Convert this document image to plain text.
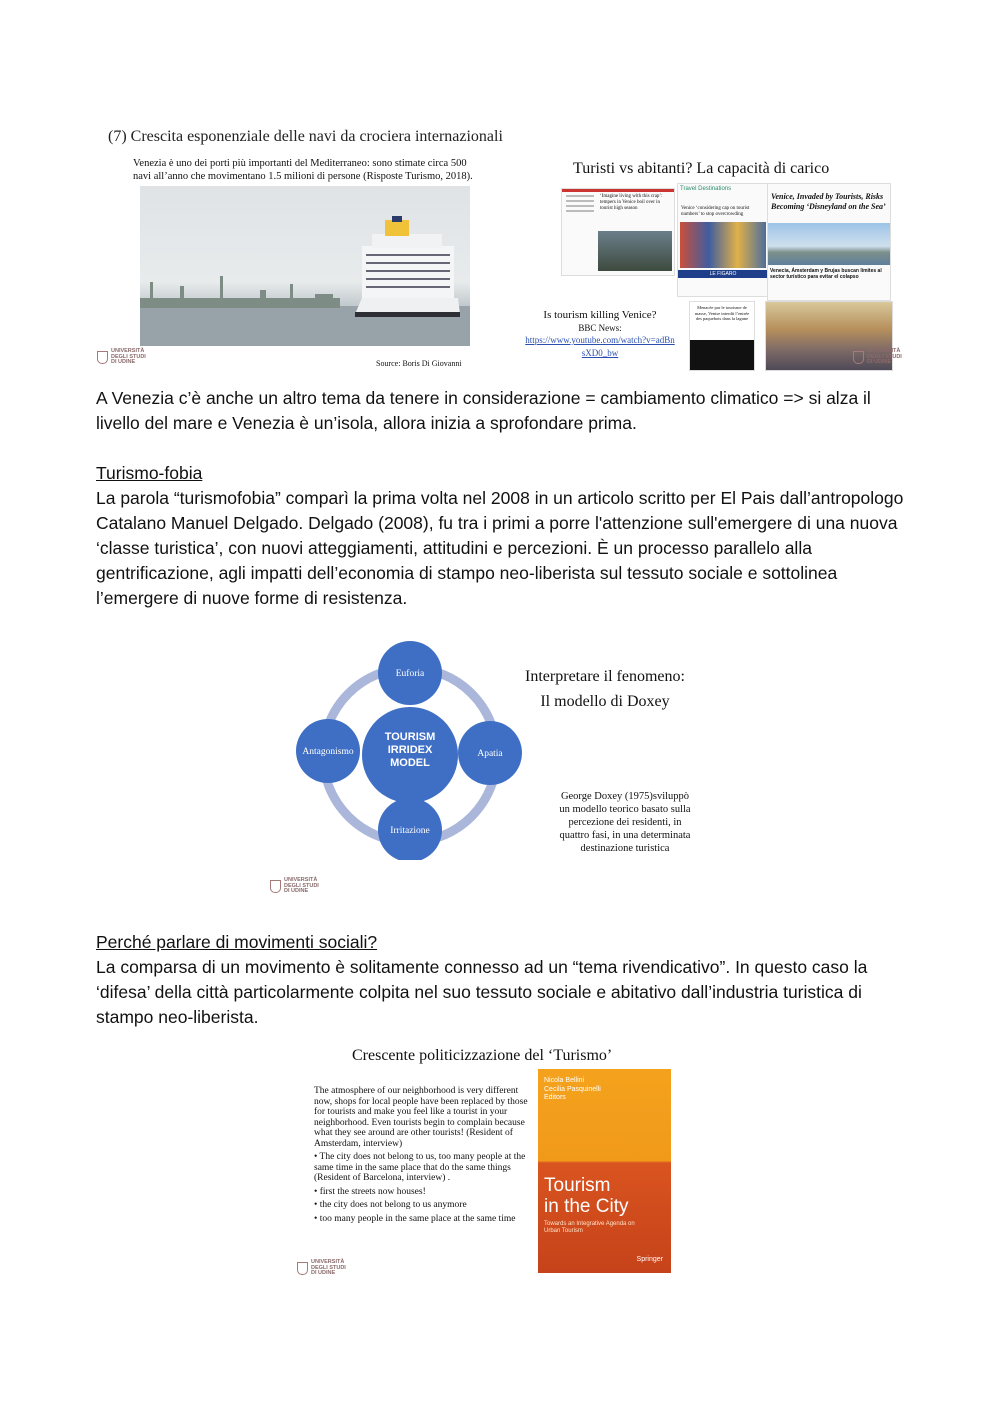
(7) Crescita esponenziale delle navi da crociera internazionali
Venezia è uno dei porti più importanti del Mediterraneo: sono stimate circa 500 navi all’anno che movimentano 1.5 milioni di persone (Risposte Turismo, 2018).
Source: Boris Di Giovanni
UNIVERSITÀ
DEGLI STUDI
DI UDINE
Turisti vs abitanti? La capacità di carico
‘Imagine living with this crap’: tempers in Venice boil over in tourist high season
Travel Destinations
Venice ‘considering cap on tourist numbers’ to stop overcrowding
LE FIGARO
Venice, Invaded by Tourists, Risks Becoming ‘Disneyland on the Sea’
Venecia, Ámsterdam y Brujas buscan límites al sector turístico para evitar el colapso
Menacée par le tourisme de masse, Venise interdit l’entrée des paquebots dans la lagune
Is tourism killing Venice?
BBC News:
https://www.youtube.com/watch?v=adBnsXD0_bw	UNIVERSITÀ
DEGLI STUDI
DI UDINE

A Venezia c’è anche un altro tema da tenere in considerazione = cambiamento climatico => si alza il livello del mare e Venezia è un’isola, allora inizia a sprofondare prima.

Turismo-fobia

La parola “turismofobia” comparì la prima volta nel 2008 in un articolo scritto per El Pais dall’antropologo Catalano Manuel Delgado. Delgado (2008), fu tra i primi a porre l'attenzione sull'emergere di una nuova ‘classe turistica’, con nuovi atteggiamenti, attitudini e percezioni. È un processo parallelo alla gentrificazione, agli impatti dell’economia di stampo neo-liberista sul tessuto sociale e sottolinea l’emergere di nuove forme di resistenza.

TOURISM
IRRIDEX
MODEL
Euforia
Apatia
Irritazione
Antagonismo
Interpretare il fenomeno:
Il modello di Doxey
George Doxey (1975)sviluppò un modello teorico basato sulla percezione dei residenti, in quattro fasi, in una determinata destinazione turistica
UNIVERSITÀ
DEGLI STUDI
DI UDINE

Perché parlare di movimenti sociali?

La comparsa di un movimento è solitamente connesso ad un “tema rivendicativo”. In questo caso la ‘difesa’ della città particolarmente colpita nel suo tessuto sociale e abitativo dall’industria turistica di stampo neo-liberista.

Crescente politicizzazione del ‘Turismo’
The atmosphere of our neighborhood is very different now, shops for local people have been replaced by those for tourists and make you feel like a tourist in your neighborhood. Even tourists begin to complain because what they see around are other tourists! (Resident of Amsterdam, interview)
• The city does not belong to us, too many people at the same time in the same place that do the same things (Resident of Barcelona, interview) .
• first the streets now houses!
• the city does not belong to us anymore
• too many people in the same place at the same time
Nicola Bellini
Cecilia Pasquinelli
Editors
Tourism
in the City
Towards an Integrative Agenda on Urban Tourism
Springer
UNIVERSITÀ
DEGLI STUDI
DI UDINE
